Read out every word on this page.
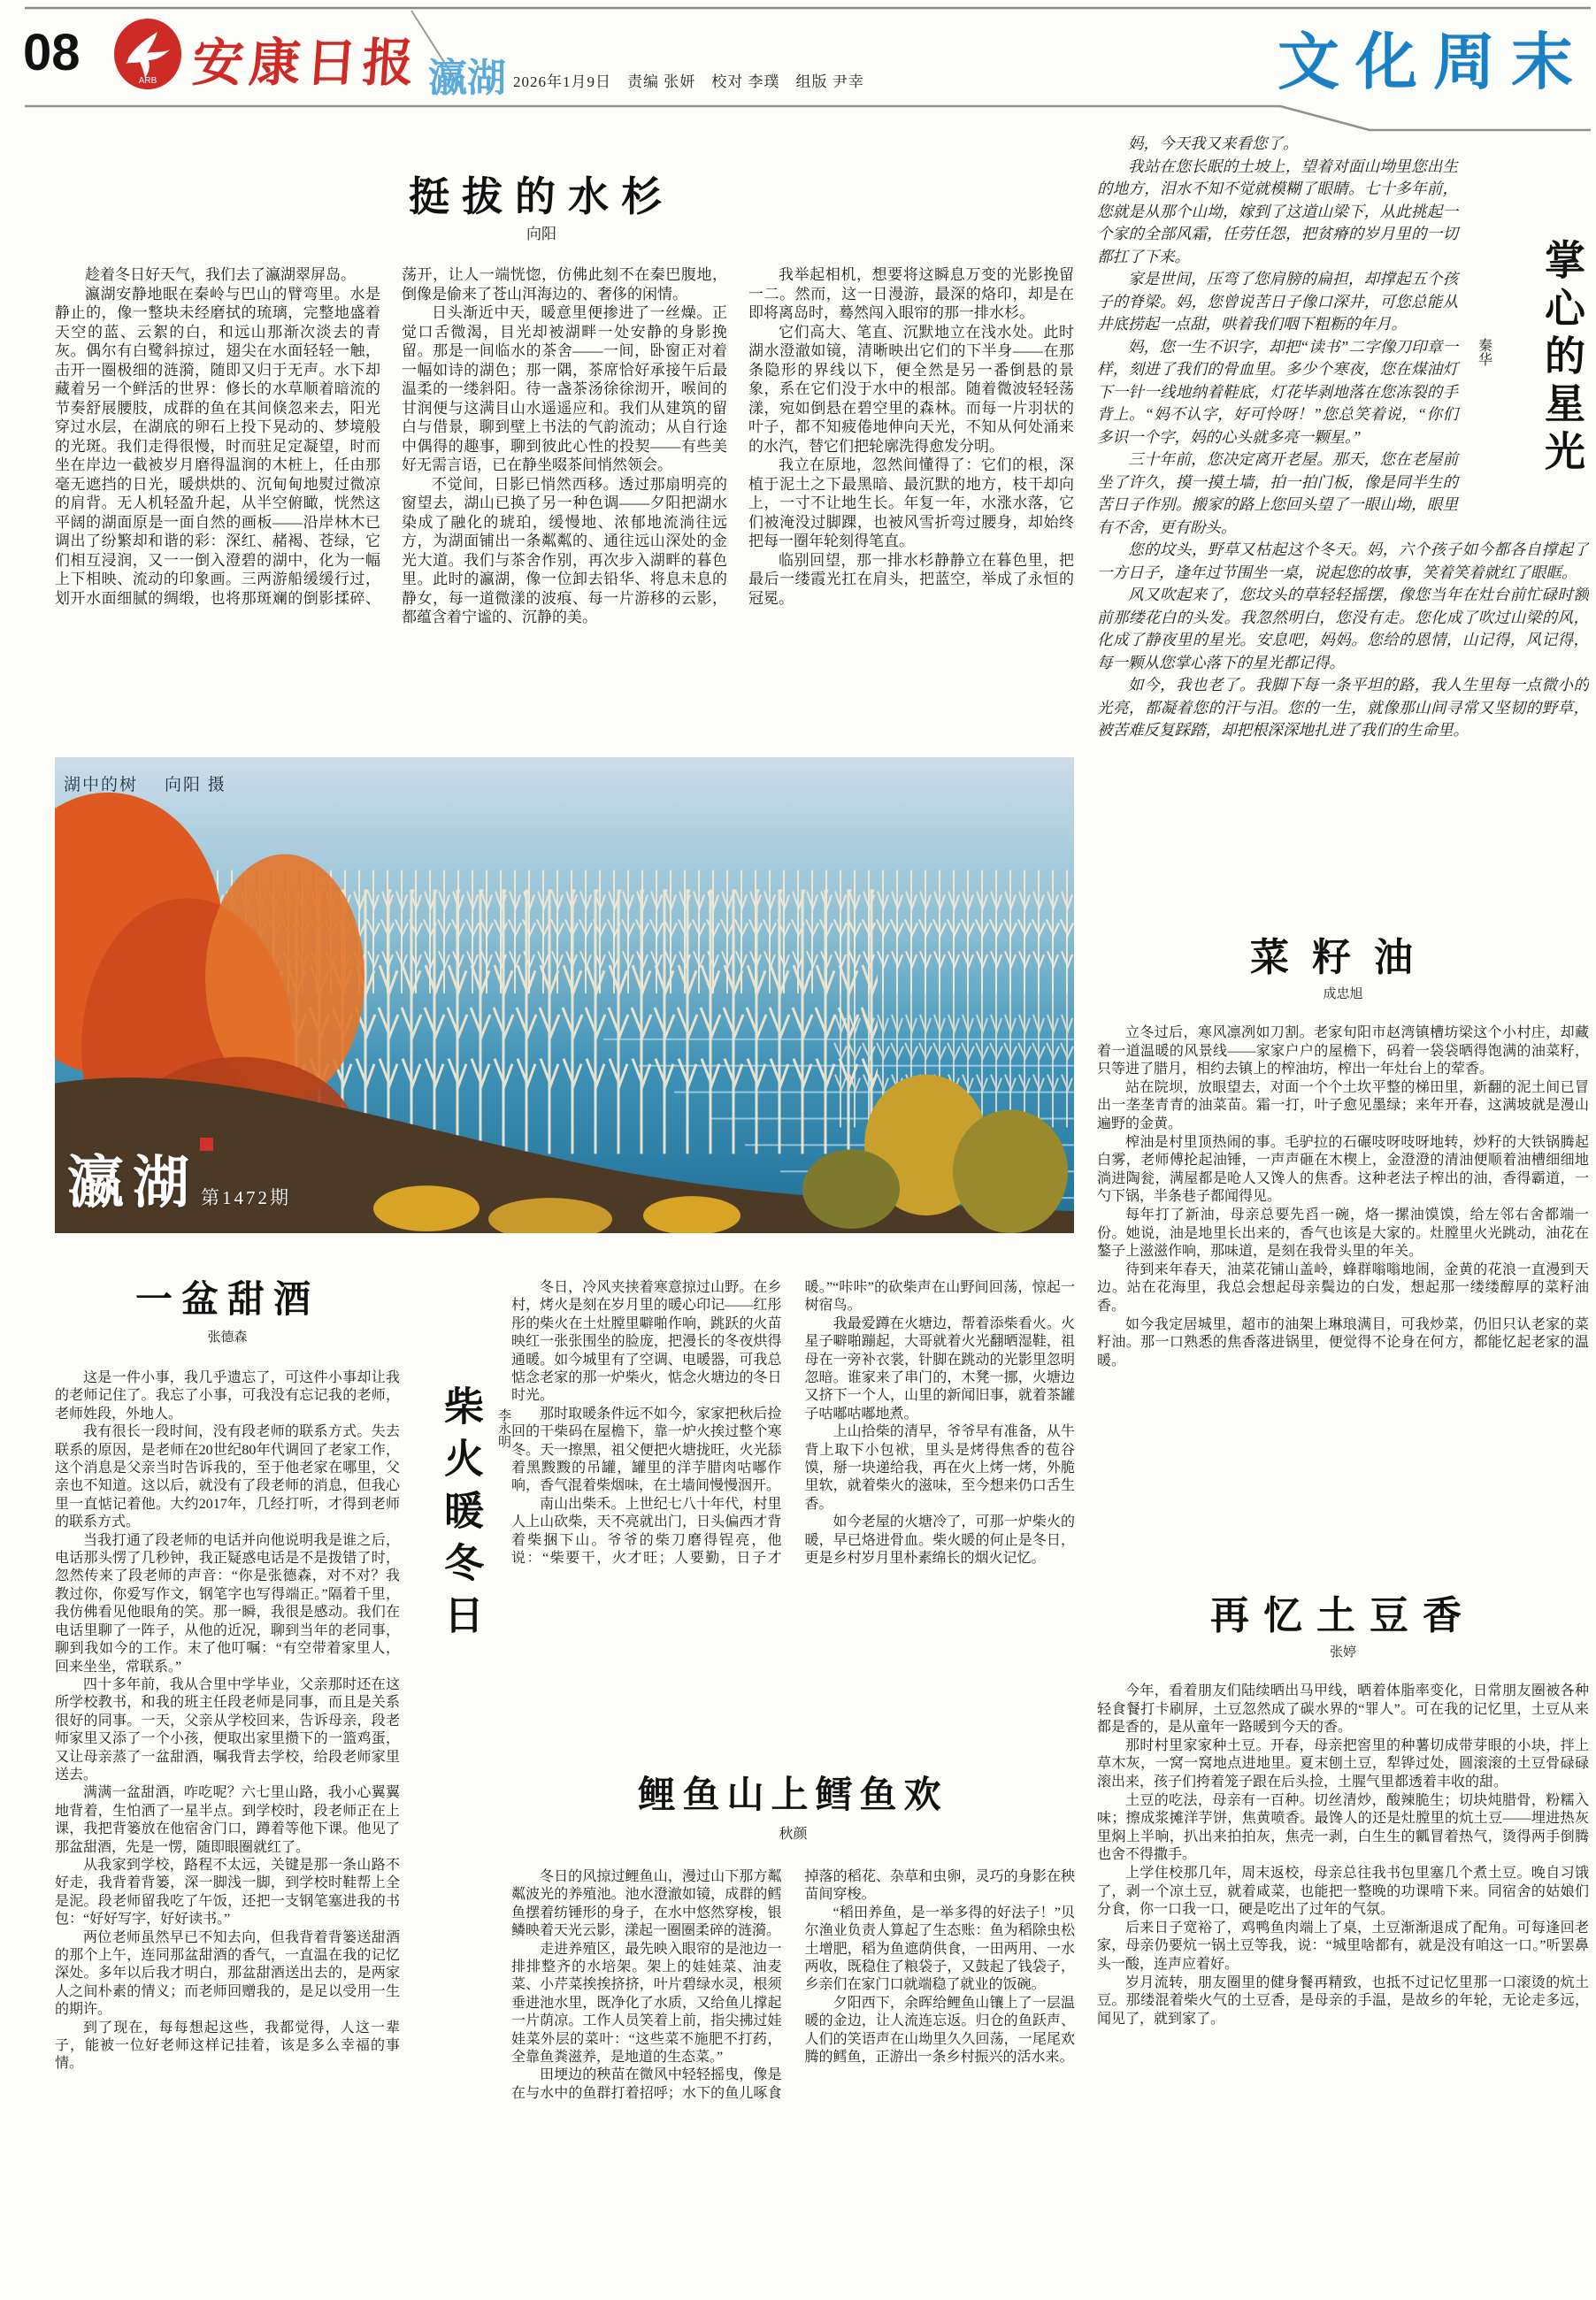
08	ARB 安康日报 瀛湖 2026年1月9日　责编 张妍　校对 李璞　组版 尹幸	文化周末
挺拔的水杉
向阳

趁着冬日好天气，我们去了瀛湖翠屏岛。

瀛湖安静地眠在秦岭与巴山的臂弯里。水是静止的，像一整块未经磨拭的琉璃，完整地盛着天空的蓝、云絮的白，和远山那渐次淡去的青灰。偶尔有白鹭斜掠过，翅尖在水面轻轻一触，击开一圈极细的涟漪，随即又归于无声。水下却藏着另一个鲜活的世界：修长的水草顺着暗流的节奏舒展腰肢，成群的鱼在其间倏忽来去，阳光穿过水层，在湖底的卵石上投下晃动的、梦境般的光斑。我们走得很慢，时而驻足定凝望，时而坐在岸边一截被岁月磨得温润的木桩上，任由那毫无遮挡的日光，暖烘烘的、沉甸甸地熨过微凉的肩背。无人机轻盈升起，从半空俯瞰，恍然这平阔的湖面原是一面自然的画板——沿岸林木已调出了纷繁却和谐的彩：深红、赭褐、苍绿，它们相互浸润，又一一倒入澄碧的湖中，化为一幅上下相映、流动的印象画。三两游船缓缓行过，划开水面细腻的绸缎，也将那斑斓的倒影揉碎、荡开，让人一端恍惚，仿佛此刻不在秦巴腹地，倒像是偷来了苍山洱海边的、奢侈的闲情。

日头渐近中天，暖意里便掺进了一丝燥。正觉口舌微渴，目光却被湖畔一处安静的身影挽留。那是一间临水的茶舍——一间，卧窗正对着一幅如诗的湖色；那一隅，茶席恰好承接午后最温柔的一缕斜阳。待一盏茶汤徐徐沏开，喉间的甘润便与这满目山水遥遥应和。我们从建筑的留白与借景，聊到壁上书法的气韵流动；从自行途中偶得的趣事，聊到彼此心性的投契——有些美好无需言语，已在静坐啜茶间悄然领会。

不觉间，日影已悄然西移。透过那扇明亮的窗望去，湖山已换了另一种色调——夕阳把湖水染成了融化的琥珀，缓慢地、浓郁地流淌往远方，为湖面铺出一条粼粼的、通往远山深处的金光大道。我们与茶舍作别，再次步入湖畔的暮色里。此时的瀛湖，像一位卸去铅华、将息未息的静女，每一道微漾的波痕、每一片游移的云影，都蕴含着宁谧的、沉静的美。

我举起相机，想要将这瞬息万变的光影挽留一二。然而，这一日漫游，最深的烙印，却是在即将离岛时，蓦然闯入眼帘的那一排水杉。

它们高大、笔直、沉默地立在浅水处。此时湖水澄澈如镜，清晰映出它们的下半身——在那条隐形的界线以下，便全然是另一番倒悬的景象，系在它们没于水中的根部。随着微波轻轻荡漾，宛如倒悬在碧空里的森林。而每一片羽状的叶子，都不知疲倦地伸向天光，不知从何处涌来的水汽，替它们把轮廓洗得愈发分明。

我立在原地，忽然间懂得了：它们的根，深植于泥土之下最黑暗、最沉默的地方，枝干却向上，一寸不让地生长。年复一年，水涨水落，它们被淹没过脚踝，也被风雪折弯过腰身，却始终把每一圈年轮刻得笔直。

临别回望，那一排水杉静静立在暮色里，把最后一缕霞光扛在肩头，把蓝空，举成了永恒的冠冕。

湖中的树 向阳 摄
瀛湖 第1472期
一盆甜酒
张德森

这是一件小事，我几乎遗忘了，可这件小事却让我的老师记住了。我忘了小事，可我没有忘记我的老师，老师姓段，外地人。

我有很长一段时间，没有段老师的联系方式。失去联系的原因，是老师在20世纪80年代调回了老家工作，这个消息是父亲当时告诉我的，至于他老家在哪里，父亲也不知道。这以后，就没有了段老师的消息，但我心里一直惦记着他。大约2017年，几经打听，才得到老师的联系方式。

当我打通了段老师的电话并向他说明我是谁之后，电话那头愣了几秒钟，我正疑惑电话是不是拨错了时，忽然传来了段老师的声音：“你是张德森，对不对？我教过你，你爱写作文，钢笔字也写得端正。”隔着千里，我仿佛看见他眼角的笑。那一瞬，我很是感动。我们在电话里聊了一阵子，从他的近况，聊到当年的老同事，聊到我如今的工作。末了他叮嘱：“有空带着家里人，回来坐坐，常联系。”

四十多年前，我从合里中学毕业，父亲那时还在这所学校教书，和我的班主任段老师是同事，而且是关系很好的同事。一天，父亲从学校回来，告诉母亲，段老师家里又添了一个小孩，便取出家里攒下的一篮鸡蛋，又让母亲蒸了一盆甜酒，嘱我背去学校，给段老师家里送去。

满满一盆甜酒，咋吃呢？六七里山路，我小心翼翼地背着，生怕洒了一星半点。到学校时，段老师正在上课，我把背篓放在他宿舍门口，蹲着等他下课。他见了那盆甜酒，先是一愣，随即眼圈就红了。

从我家到学校，路程不太远，关键是那一条山路不好走，我背着背篓，深一脚浅一脚，到学校时鞋帮上全是泥。段老师留我吃了午饭，还把一支钢笔塞进我的书包：“好好写字，好好读书。”

两位老师虽然早已不知去向，但我背着背篓送甜酒的那个上午，连同那盆甜酒的香气，一直温在我的记忆深处。多年以后我才明白，那盆甜酒送出去的，是两家人之间朴素的情义；而老师回赠我的，是足以受用一生的期许。

到了现在，每每想起这些，我都觉得，人这一辈子，能被一位好老师这样记挂着，该是多么幸福的事情。

柴火暖冬日	李永明

冬日，冷风夹挟着寒意掠过山野。在乡村，烤火是刻在岁月里的暖心印记——红彤彤的柴火在土灶膛里噼啪作响，跳跃的火苗映红一张张围坐的脸庞，把漫长的冬夜烘得通暖。如今城里有了空调、电暖器，可我总惦念老家的那一炉柴火，惦念火塘边的冬日时光。

那时取暖条件远不如今，家家把秋后捡回的干柴码在屋檐下，靠一炉火挨过整个寒冬。天一擦黑，祖父便把火塘拢旺，火光舔着黑黢黢的吊罐，罐里的洋芋腊肉咕嘟作响，香气混着柴烟味，在土墙间慢慢洇开。

南山出柴禾。上世纪七八十年代，村里人上山砍柴，天不亮就出门，日头偏西才背着柴捆下山。爷爷的柴刀磨得锃亮，他说：“柴要干，火才旺；人要勤，日子才暖。”“咔咔”的砍柴声在山野间回荡，惊起一树宿鸟。

我最爱蹲在火塘边，帮着添柴看火。火星子噼啪蹦起，大哥就着火光翻晒湿鞋，祖母在一旁补衣裳，针脚在跳动的光影里忽明忽暗。谁家来了串门的，木凳一挪，火塘边又挤下一个人，山里的新闻旧事，就着茶罐子咕嘟咕嘟地煮。

上山拾柴的清早，爷爷早有准备，从牛背上取下小包袱，里头是烤得焦香的苞谷馍，掰一块递给我，再在火上烤一烤，外脆里软，就着柴火的滋味，至今想来仍口舌生香。

如今老屋的火塘冷了，可那一炉柴火的暖，早已烙进骨血。柴火暖的何止是冬日，更是乡村岁月里朴素绵长的烟火记忆。

鲤鱼山上鳕鱼欢
秋颜

冬日的风掠过鲤鱼山，漫过山下那方粼粼波光的养殖池。池水澄澈如镜，成群的鳕鱼摆着纺锤形的身子，在水中悠然穿梭，银鳞映着天光云影，漾起一圈圈柔碎的涟漪。

走进养殖区，最先映入眼帘的是池边一排排整齐的水培架。架上的娃娃菜、油麦菜、小芹菜挨挨挤挤，叶片碧绿水灵，根须垂进池水里，既净化了水质，又给鱼儿撑起一片荫凉。工作人员笑着上前，指尖拂过娃娃菜外层的菜叶：“这些菜不施肥不打药，全靠鱼粪滋养，是地道的生态菜。”

田埂边的秧苗在微风中轻轻摇曳，像是在与水中的鱼群打着招呼；水下的鱼儿啄食掉落的稻花、杂草和虫卵，灵巧的身影在秧苗间穿梭。

“稻田养鱼，是一举多得的好法子！”贝尔渔业负责人算起了生态账：鱼为稻除虫松土增肥，稻为鱼遮荫供食，一田两用、一水两收，既稳住了粮袋子，又鼓起了钱袋子，乡亲们在家门口就端稳了就业的饭碗。

夕阳西下，余晖给鲤鱼山镶上了一层温暖的金边，让人流连忘返。归仓的鱼跃声、人们的笑语声在山坳里久久回荡，一尾尾欢腾的鳕鱼，正游出一条乡村振兴的活水来。

掌心的星光
秦华

妈，今天我又来看您了。

我站在您长眠的土坡上，望着对面山坳里您出生的地方，泪水不知不觉就模糊了眼睛。七十多年前，您就是从那个山坳，嫁到了这道山梁下，从此挑起一个家的全部风霜，任劳任怨，把贫瘠的岁月里的一切都扛了下来。

家是世间，压弯了您肩膀的扁担，却撑起五个孩子的脊梁。妈，您曾说苦日子像口深井，可您总能从井底捞起一点甜，哄着我们咽下粗粝的年月。

妈，您一生不识字，却把“读书”二字像刀印章一样，刻进了我们的骨血里。多少个寒夜，您在煤油灯下一针一线地纳着鞋底，灯花毕剥地落在您冻裂的手背上。“妈不认字，好可怜呀！”您总笑着说，“你们多识一个字，妈的心头就多亮一颗星。”

三十年前，您决定离开老屋。那天，您在老屋前坐了许久，摸一摸土墙，拍一拍门板，像是同半生的苦日子作别。搬家的路上您回头望了一眼山坳，眼里有不舍，更有盼头。

您的坟头，野草又枯起这个冬天。妈，六个孩子如今都各自撑起了一方日子，逢年过节围坐一桌，说起您的故事，笑着笑着就红了眼眶。

风又吹起来了，您坟头的草轻轻摇摆，像您当年在灶台前忙碌时额前那缕花白的头发。我忽然明白，您没有走。您化成了吹过山梁的风，化成了静夜里的星光。安息吧，妈妈。您给的恩情，山记得，风记得，每一颗从您掌心落下的星光都记得。

如今，我也老了。我脚下每一条平坦的路，我人生里每一点微小的光亮，都凝着您的汗与泪。您的一生，就像那山间寻常又坚韧的野草，被苦难反复踩踏，却把根深深地扎进了我们的生命里。

菜籽油
成忠旭

立冬过后，寒风凛冽如刀割。老家旬阳市赵湾镇槽坊梁这个小村庄，却藏着一道温暖的风景线——家家户户的屋檐下，码着一袋袋晒得饱满的油菜籽，只等进了腊月，相约去镇上的榨油坊，榨出一年灶台上的荤香。

站在院坝，放眼望去，对面一个个土坎平整的梯田里，新翻的泥土间已冒出一垄垄青青的油菜苗。霜一打，叶子愈见墨绿；来年开春，这满坡就是漫山遍野的金黄。

榨油是村里顶热闹的事。毛驴拉的石碾吱呀吱呀地转，炒籽的大铁锅腾起白雾，老师傅抡起油锤，一声声砸在木楔上，金澄澄的清油便顺着油槽细细地淌进陶瓮，满屋都是呛人又馋人的焦香。这种老法子榨出的油，香得霸道，一勺下锅，半条巷子都闻得见。

每年打了新油，母亲总要先舀一碗，烙一摞油馍馍，给左邻右舍都端一份。她说，油是地里长出来的，香气也该是大家的。灶膛里火光跳动，油花在鏊子上滋滋作响，那味道，是刻在我骨头里的年关。

待到来年春天，油菜花铺山盖岭，蜂群嗡嗡地闹，金黄的花浪一直漫到天边。站在花海里，我总会想起母亲鬓边的白发，想起那一缕缕醇厚的菜籽油香。

如今我定居城里，超市的油架上琳琅满目，可我炒菜，仍旧只认老家的菜籽油。那一口熟悉的焦香落进锅里，便觉得不论身在何方，都能忆起老家的温暖。

再忆土豆香
张婷

今年，看着朋友们陆续晒出马甲线，晒着体脂率变化，日常朋友圈被各种轻食餐打卡刷屏，土豆忽然成了碳水界的“罪人”。可在我的记忆里，土豆从来都是香的，是从童年一路暖到今天的香。

那时村里家家种土豆。开春，母亲把窖里的种薯切成带芽眼的小块，拌上草木灰，一窝一窝地点进地里。夏末刨土豆，犁铧过处，圆滚滚的土豆骨碌碌滚出来，孩子们挎着笼子跟在后头捡，土腥气里都透着丰收的甜。

土豆的吃法，母亲有一百种。切丝清炒，酸辣脆生；切块炖腊骨，粉糯入味；擦成浆摊洋芋饼，焦黄喷香。最馋人的还是灶膛里的炕土豆——埋进热灰里焖上半晌，扒出来拍拍灰，焦壳一剥，白生生的瓤冒着热气，烫得两手倒腾也舍不得撒手。

上学住校那几年，周末返校，母亲总往我书包里塞几个煮土豆。晚自习饿了，剥一个凉土豆，就着咸菜，也能把一整晚的功课啃下来。同宿舍的姑娘们分食，你一口我一口，硬是吃出了过年的气氛。

后来日子宽裕了，鸡鸭鱼肉端上了桌，土豆渐渐退成了配角。可每逢回老家，母亲仍要炕一锅土豆等我，说：“城里啥都有，就是没有咱这一口。”听罢鼻头一酸，连声应着好。

岁月流转，朋友圈里的健身餐再精致，也抵不过记忆里那一口滚烫的炕土豆。那缕混着柴火气的土豆香，是母亲的手温，是故乡的年轮，无论走多远，闻见了，就到家了。
